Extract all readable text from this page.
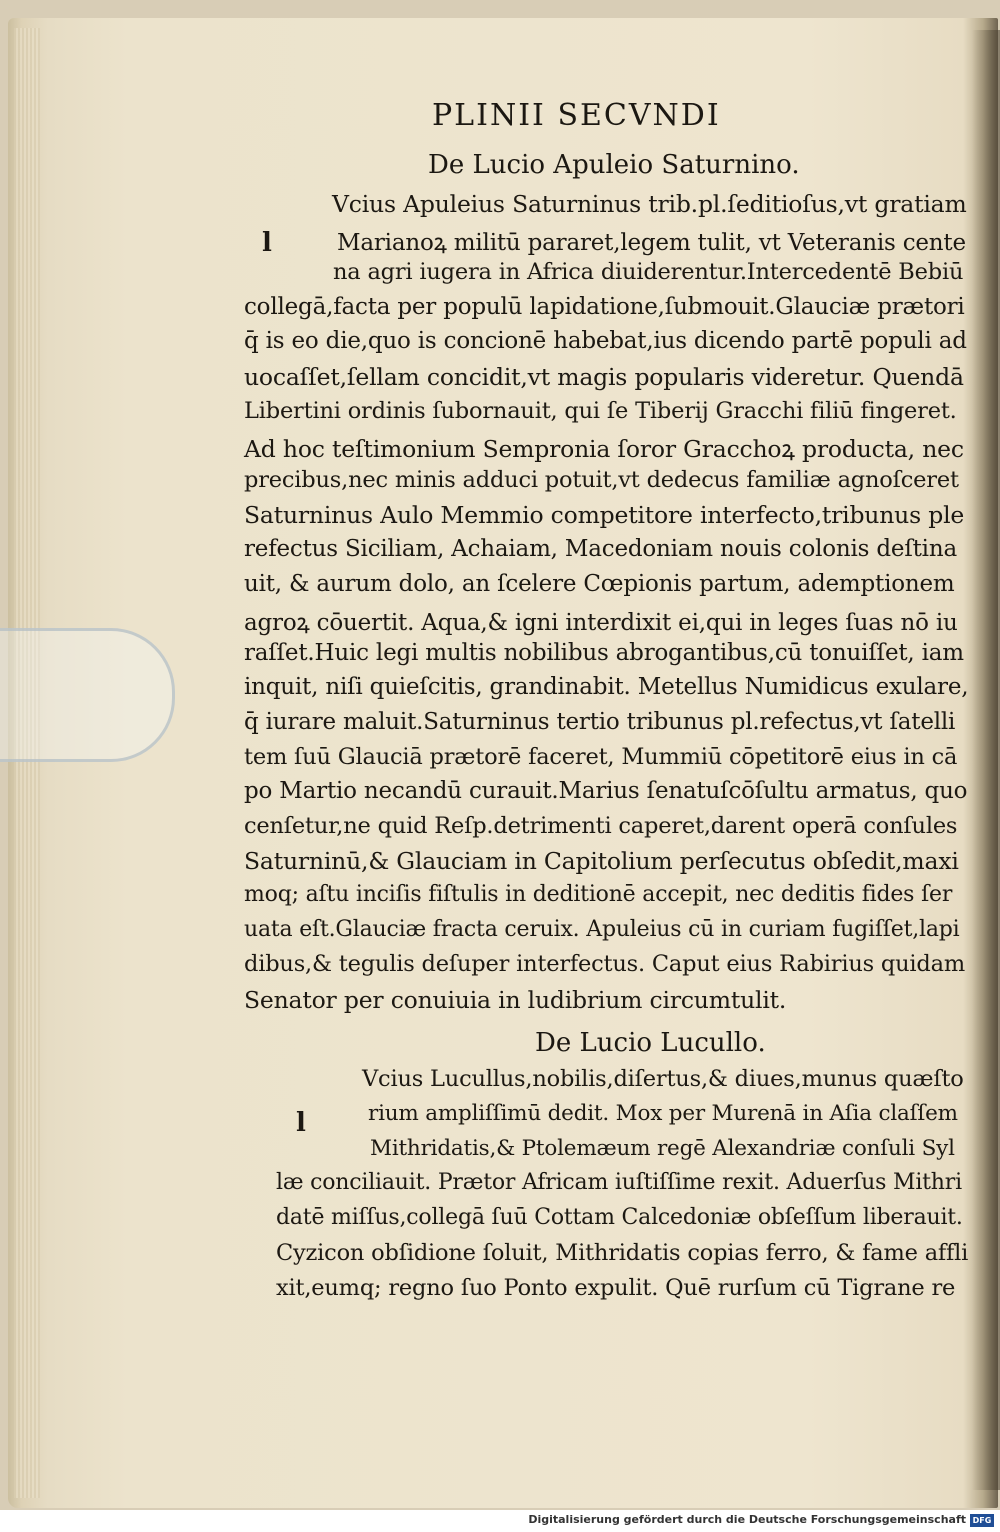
PLINII SECVNDI
De Lucio Apuleio Saturnino.
l
Vcius Apuleius Saturninus trib.pl.ſeditioſus,vt gratiam
Marianoꝝ militū pararet,legem tulit, vt Veteranis cente
na agri iugera in Africa diuiderentur.Intercedentē Bebiū
collegā,facta per populū lapidatione,ſubmouit.Glauciæ prætori
q̄ is eo die,quo is concionē habebat,ius dicendo partē populi ad
uocaſſet,ſellam concidit,vt magis popularis videretur. Quendā
Libertini ordinis ſubornauit, qui ſe Tiberij Gracchi filiū fingeret.
Ad hoc teſtimonium Sempronia ſoror Gracchoꝝ producta, nec
precibus,nec minis adduci potuit,vt dedecus familiæ agnoſceret
Saturninus Aulo Memmio competitore interfecto,tribunus ple
refectus Siciliam, Achaiam, Macedoniam nouis colonis deſtina
uit, & aurum dolo, an ſcelere Cœpionis partum, ademptionem
agroꝝ cōuertit. Aqua,& igni interdixit ei,qui in leges ſuas nō iu
raſſet.Huic legi multis nobilibus abrogantibus,cū tonuiſſet, iam
inquit, niſi quieſcitis, grandinabit. Metellus Numidicus exulare,
q̄ iurare maluit.Saturninus tertio tribunus pl.refectus,vt ſatelli
tem ſuū Glauciā prætorē faceret, Mummiū cōpetitorē eius in cā
po Martio necandū curauit.Marius ſenatuſcōſultu armatus, quo
cenſetur,ne quid Reſp.detrimenti caperet,darent operā conſules
Saturninū,& Glauciam in Capitolium perſecutus obſedit,maxi
moq; aſtu inciſis fiſtulis in deditionē accepit, nec deditis fides ſer
uata eſt.Glauciæ fracta ceruix. Apuleius cū in curiam fugiſſet,lapi
dibus,& tegulis deſuper interfectus. Caput eius Rabirius quidam
Senator per conuiuia in ludibrium circumtulit.
De Lucio Lucullo.
l
Vcius Lucullus,nobilis,diſertus,& diues,munus quæſto
rium ampliſſimū dedit. Mox per Murenā in Aſia claſſem
Mithridatis,& Ptolemæum regē Alexandriæ conſuli Syl
læ conciliauit. Prætor Africam iuſtiſſime rexit. Aduerſus Mithri
datē miſſus,collegā ſuū Cottam Calcedoniæ obſeſſum liberauit.
Cyzicon obſidione ſoluit, Mithridatis copias ferro, & fame affli
xit,eumq; regno ſuo Ponto expulit. Quē rurſum cū Tigrane re
Digitalisierung gefördert durch die Deutsche Forschungsgemeinschaft DFG
